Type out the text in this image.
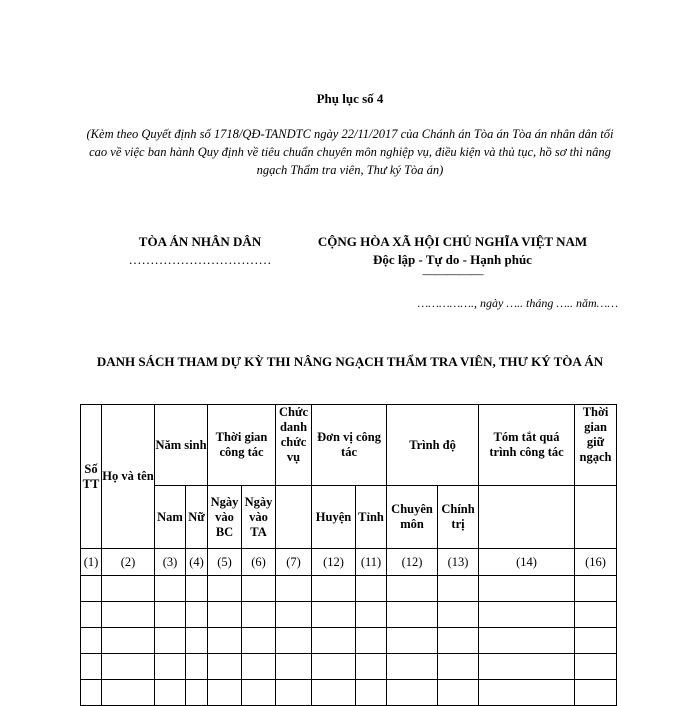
Phụ lục số 4
(Kèm theo Quyết định số 1718/QĐ-TANDTC ngày 22/11/2017 của Chánh án Tòa án Tòa án nhân dân tối cao về việc ban hành Quy định về tiêu chuẩn chuyên môn nghiệp vụ, điều kiện và thủ tục, hồ sơ thi nâng ngạch Thẩm tra viên, Thư ký Tòa án)
TÒA ÁN NHÂN DÂN
……………………………
CỘNG HÒA XÃ HỘI CHỦ NGHĨA VIỆT NAM
Độc lập - Tự do - Hạnh phúc
—————
……………., ngày ….. tháng ….. năm……
DANH SÁCH THAM DỰ KỲ THI NÂNG NGẠCH THẨM TRA VIÊN, THƯ KÝ TÒA ÁN
Số TT	Họ và tên	Năm sinh		Thời gian công tác		Chức danh chức vụ	Đơn vị công tác		Trình độ		Tóm tắt quá trình công tác	Thời gian giữ ngạch
		Nam	Nữ	Ngày vào BC	Ngày vào TA		Huyện	Tỉnh	Chuyên môn	Chính trị		
(1)	(2)	(3)	(4)	(5)	(6)	(7)	(12)	(11)	(12)	(13)	(14)	(16)
